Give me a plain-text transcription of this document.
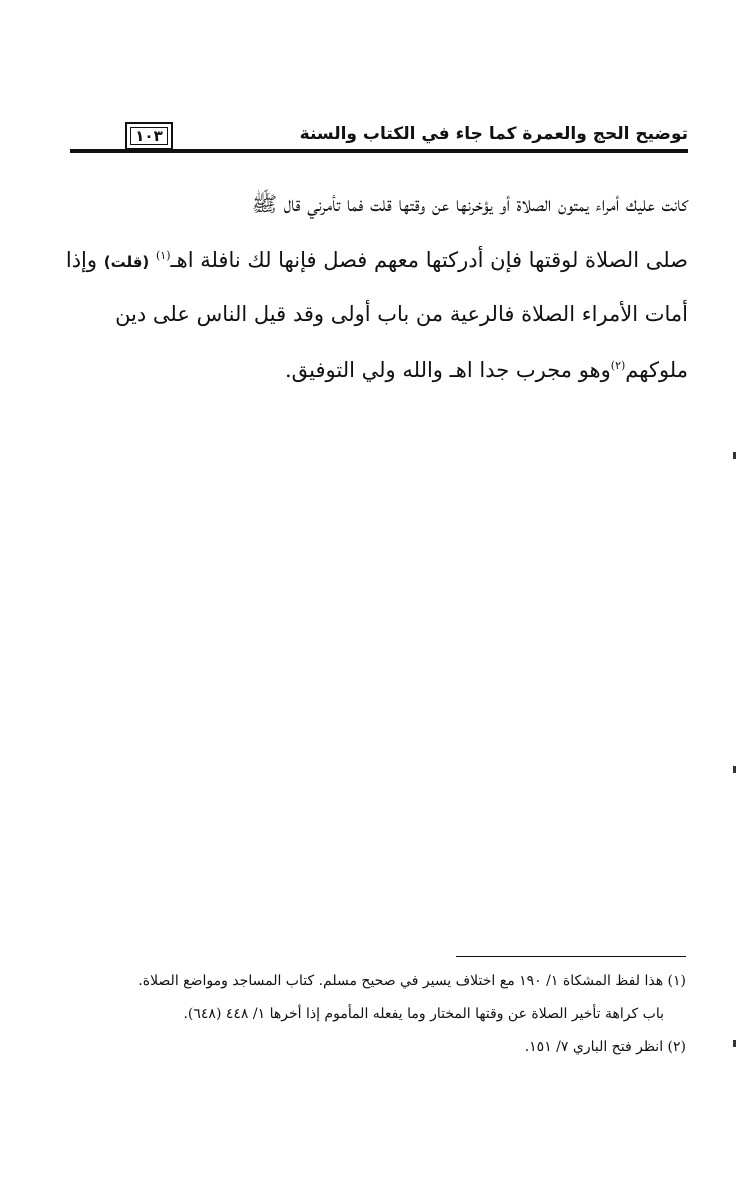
توضيح الحج والعمرة كما جاء في الكتاب والسنة
١٠٣
كانت عليك أمراء يمتون الصلاة أو يؤخرنها عن وقتها قلت فما تأمرني قال ﷺ
صلى الصلاة لوقتها فإن أدركتها معهم فصل فإنها لك نافلة اهـ$^{(١)}$ (قلت) وإذا
أمات الأمراء الصلاة فالرعية من باب أولى وقد قيل الناس على دين
ملوكهم$^{(٢)}$وهو مجرب جدا اهـ والله ولي التوفيق.
(١) هذا لفظ المشكاة ١/ ١٩٠ مع اختلاف يسير في صحيح مسلم. كتاب المساجد ومواضع الصلاة.
باب كراهة تأخير الصلاة عن وقتها المختار وما يفعله المأموم إذا أخرها ١/ ٤٤٨ (٦٤٨).
(٢) انظر فتح الباري ٧/ ١٥١.
